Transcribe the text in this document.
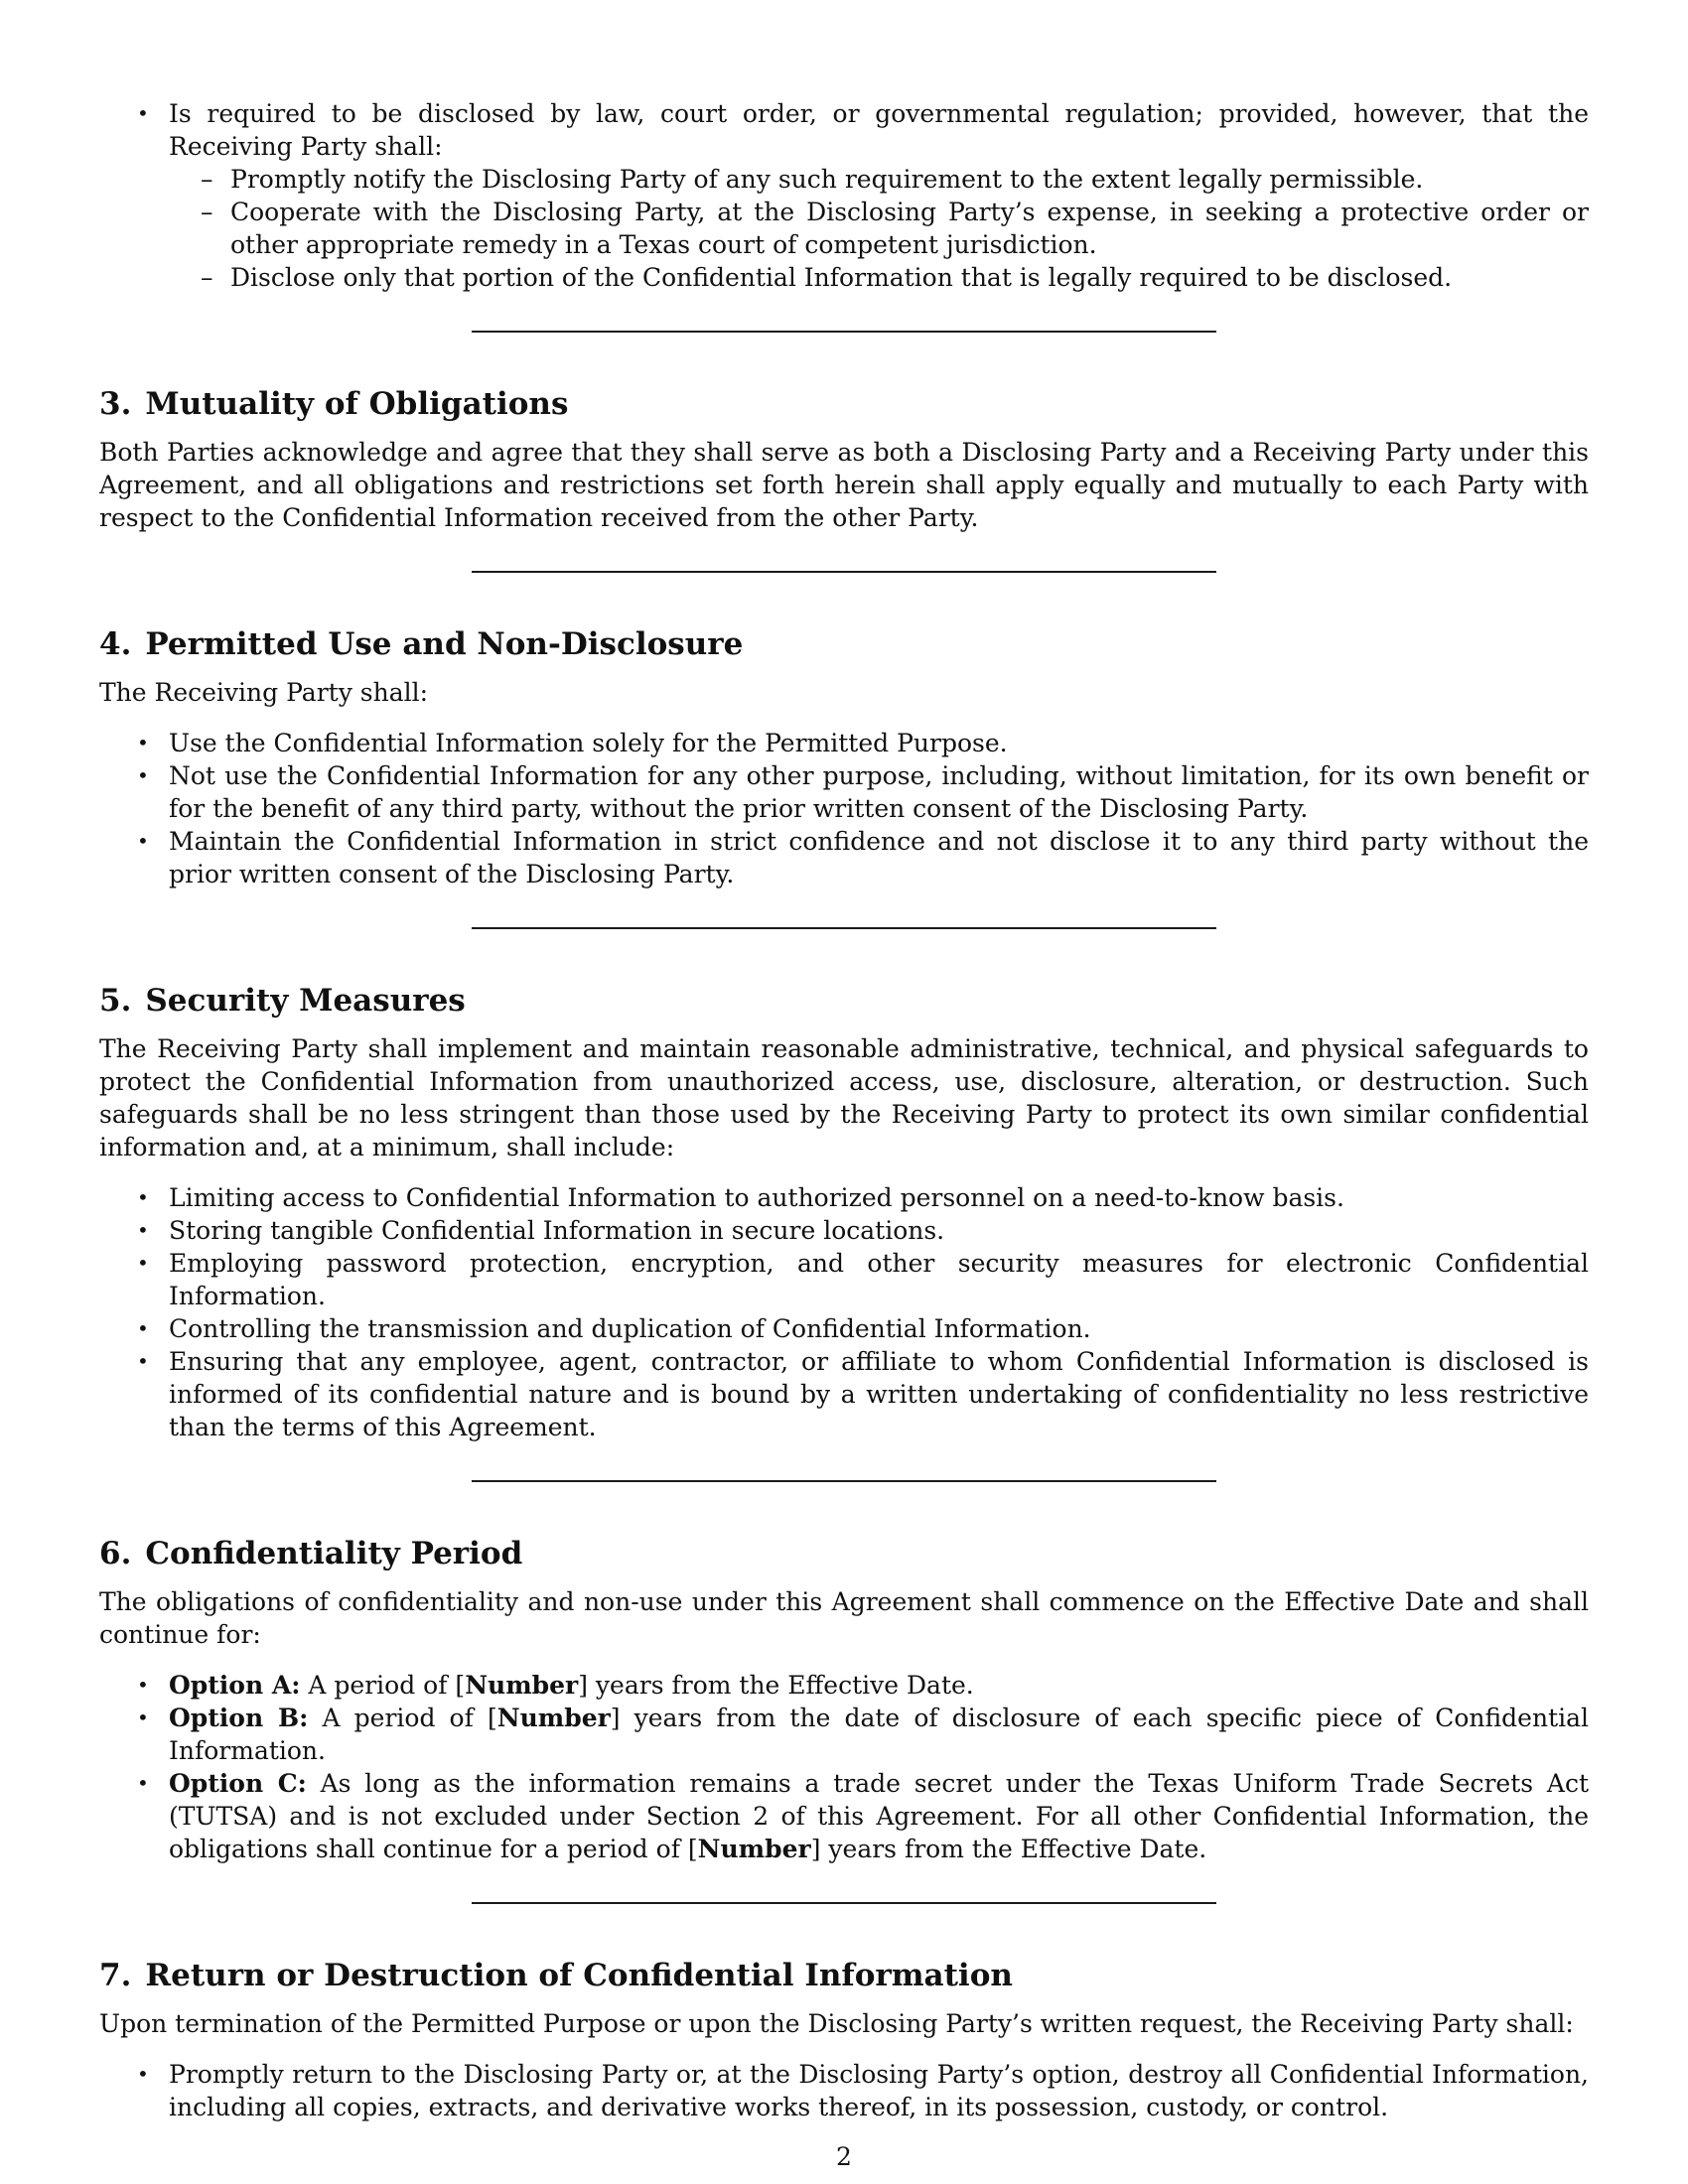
• Is required to be disclosed by law, court order, or governmental regulation; provided, however, that the Receiving Party shall:
– Promptly notify the Disclosing Party of any such requirement to the extent legally permissible.
– Cooperate with the Disclosing Party, at the Disclosing Party’s expense, in seeking a protective order or other appropriate remedy in a Texas court of competent jurisdiction.
– Disclose only that portion of the Confidential Information that is legally required to be disclosed.
3. Mutuality of Obligations

Both Parties acknowledge and agree that they shall serve as both a Disclosing Party and a Receiving Party under this Agreement, and all obligations and restrictions set forth herein shall apply equally and mutually to each Party with respect to the Confidential Information received from the other Party.

4. Permitted Use and Non-Disclosure

The Receiving Party shall:

• Use the Confidential Information solely for the Permitted Purpose.
• Not use the Confidential Information for any other purpose, including, without limitation, for its own benefit or for the benefit of any third party, without the prior written consent of the Disclosing Party.
• Maintain the Confidential Information in strict confidence and not disclose it to any third party without the prior written consent of the Disclosing Party.
5. Security Measures

The Receiving Party shall implement and maintain reasonable administrative, technical, and physical safeguards to protect the Confidential Information from unauthorized access, use, disclosure, alteration, or destruction. Such safeguards shall be no less stringent than those used by the Receiving Party to protect its own similar confidential information and, at a minimum, shall include:

• Limiting access to Confidential Information to authorized personnel on a need-to-know basis.
• Storing tangible Confidential Information in secure locations.
• Employing password protection, encryption, and other security measures for electronic Confidential Information.
• Controlling the transmission and duplication of Confidential Information.
• Ensuring that any employee, agent, contractor, or affiliate to whom Confidential Information is disclosed is informed of its confidential nature and is bound by a written undertaking of confidentiality no less restrictive than the terms of this Agreement.
6. Confidentiality Period

The obligations of confidentiality and non-use under this Agreement shall commence on the Effective Date and shall continue for:

• Option A: A period of [Number] years from the Effective Date.
• Option B: A period of [Number] years from the date of disclosure of each specific piece of Confidential Information.
• Option C: As long as the information remains a trade secret under the Texas Uniform Trade Secrets Act (TUTSA) and is not excluded under Section 2 of this Agreement. For all other Confidential Information, the obligations shall continue for a period of [Number] years from the Effective Date.
7. Return or Destruction of Confidential Information

Upon termination of the Permitted Purpose or upon the Disclosing Party’s written request, the Receiving Party shall:

• Promptly return to the Disclosing Party or, at the Disclosing Party’s option, destroy all Confidential Information, including all copies, extracts, and derivative works thereof, in its possession, custody, or control.
2
